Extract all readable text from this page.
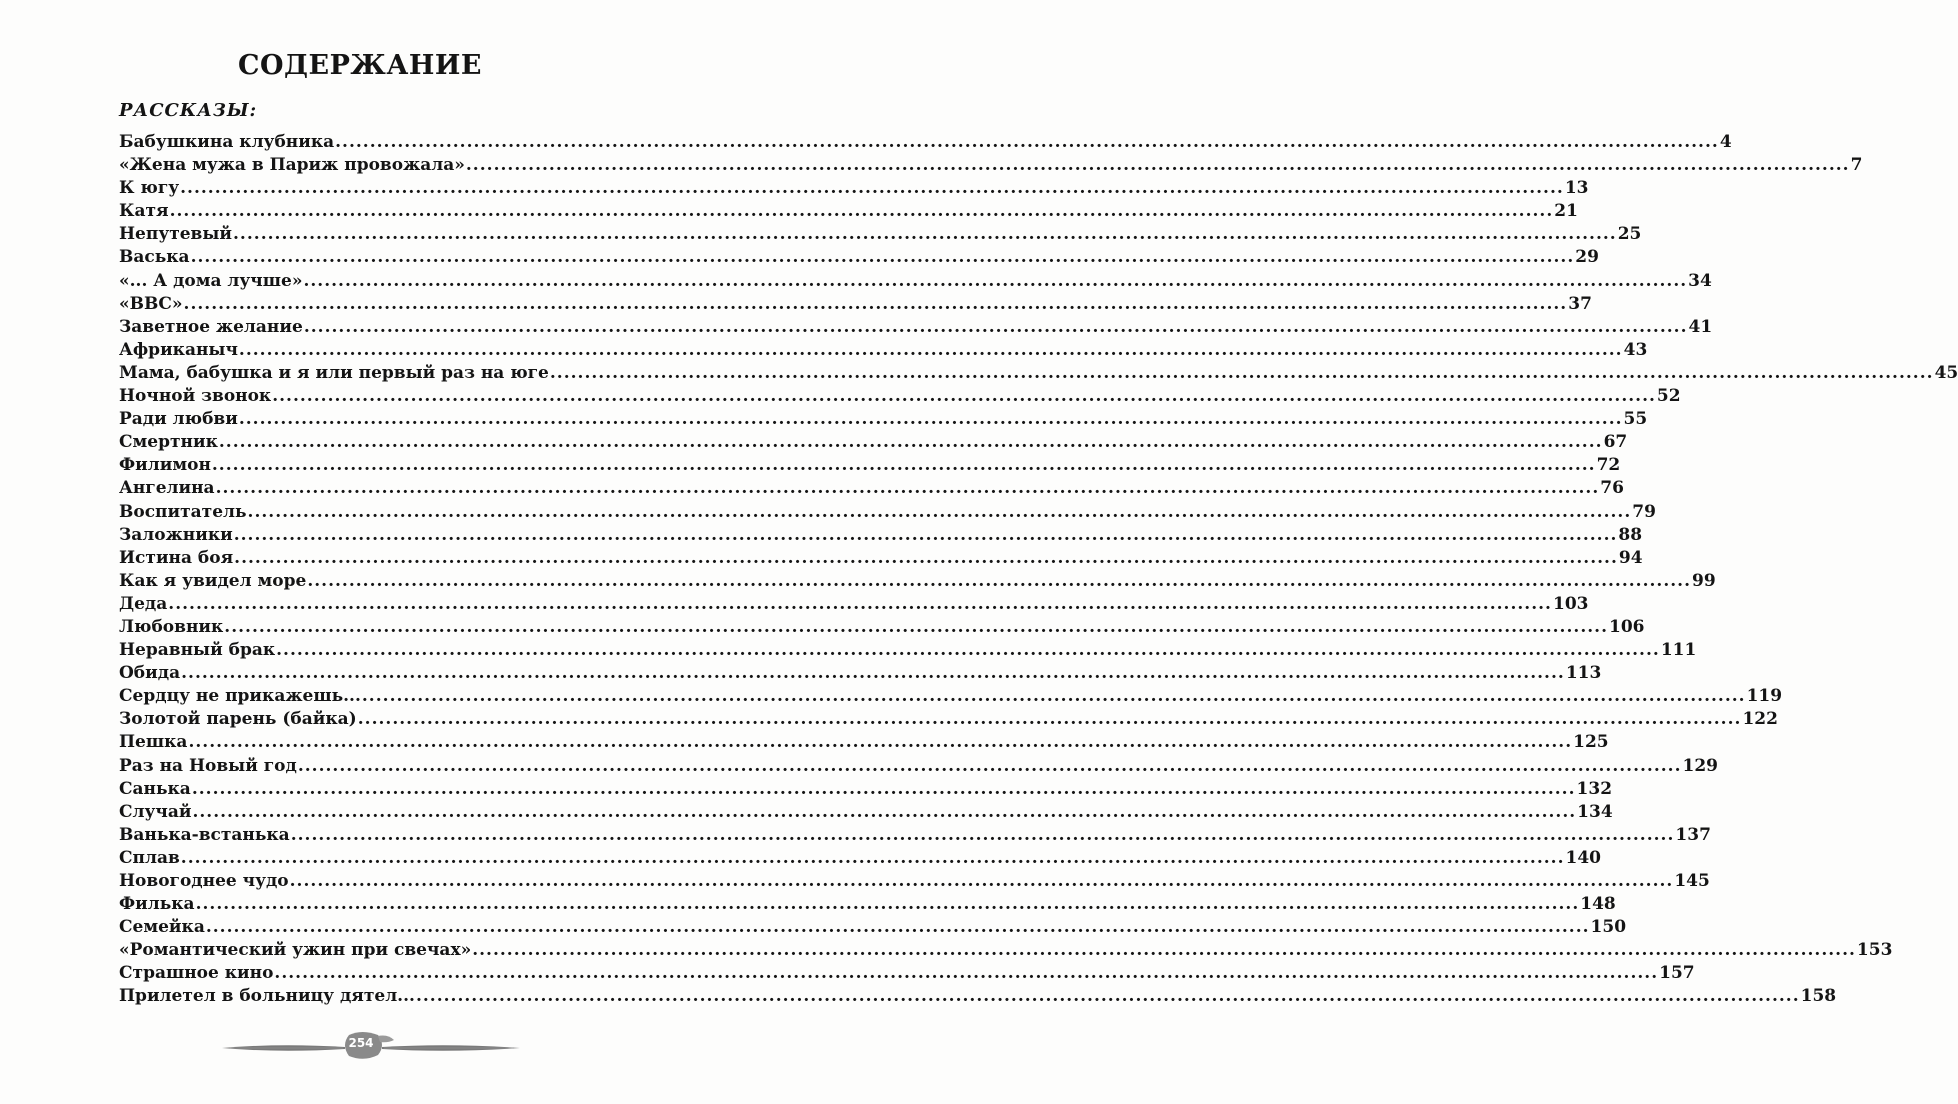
СОДЕРЖАНИЕ
РАССКАЗЫ:
Бабушкина клубника ........................................................................................................................................................................................................ 4
«Жена мужа в Париж провожала» ........................................................................................................................................................................................................ 7
К югу ........................................................................................................................................................................................................ 13
Катя ........................................................................................................................................................................................................ 21
Непутевый ........................................................................................................................................................................................................ 25
Васька ........................................................................................................................................................................................................ 29
«... А дома лучше» ........................................................................................................................................................................................................ 34
«ВВС» ........................................................................................................................................................................................................ 37
Заветное желание ........................................................................................................................................................................................................ 41
Африканыч ........................................................................................................................................................................................................ 43
Мама, бабушка и я или первый раз на юге ........................................................................................................................................................................................................ 45
Ночной звонок ........................................................................................................................................................................................................ 52
Ради любви ........................................................................................................................................................................................................ 55
Смертник ........................................................................................................................................................................................................ 67
Филимон ........................................................................................................................................................................................................ 72
Ангелина ........................................................................................................................................................................................................ 76
Воспитатель ........................................................................................................................................................................................................ 79
Заложники ........................................................................................................................................................................................................ 88
Истина боя ........................................................................................................................................................................................................ 94
Как я увидел море ........................................................................................................................................................................................................ 99
Деда ........................................................................................................................................................................................................ 103
Любовник ........................................................................................................................................................................................................ 106
Неравный брак ........................................................................................................................................................................................................ 111
Обида ........................................................................................................................................................................................................ 113
Сердцу не прикажешь... ........................................................................................................................................................................................................ 119
Золотой парень (байка) ........................................................................................................................................................................................................ 122
Пешка ........................................................................................................................................................................................................ 125
Раз на Новый год ........................................................................................................................................................................................................ 129
Санька ........................................................................................................................................................................................................ 132
Случай ........................................................................................................................................................................................................ 134
Ванька-встанька ........................................................................................................................................................................................................ 137
Сплав ........................................................................................................................................................................................................ 140
Новогоднее чудо ........................................................................................................................................................................................................ 145
Филька ........................................................................................................................................................................................................ 148
Семейка ........................................................................................................................................................................................................ 150
«Романтический ужин при свечах» ........................................................................................................................................................................................................ 153
Страшное кино ........................................................................................................................................................................................................ 157
Прилетел в больницу дятел... ........................................................................................................................................................................................................ 158
254
